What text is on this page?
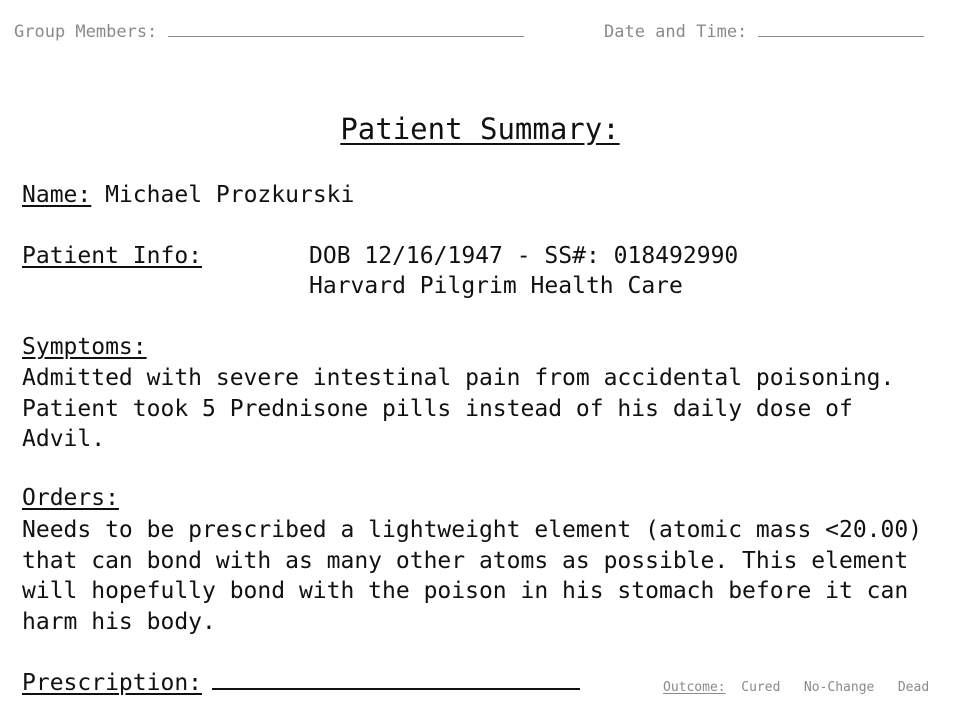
Group Members:	Date and Time:
Patient Summary:
Name: Michael Prozkurski
Patient Info:	DOB 12/16/1947 - SS#: 018492990
Harvard Pilgrim Health Care
Symptoms:
Admitted with severe intestinal pain from accidental poisoning. Patient took 5 Prednisone pills instead of his daily dose of Advil.
Orders:
Needs to be prescribed a lightweight element (atomic mass <20.00) that can bond with as many other atoms as possible. This element will hopefully bond with the poison in his stomach before it can harm his body.
Prescription:	Outcome: Cured No-Change Dead
